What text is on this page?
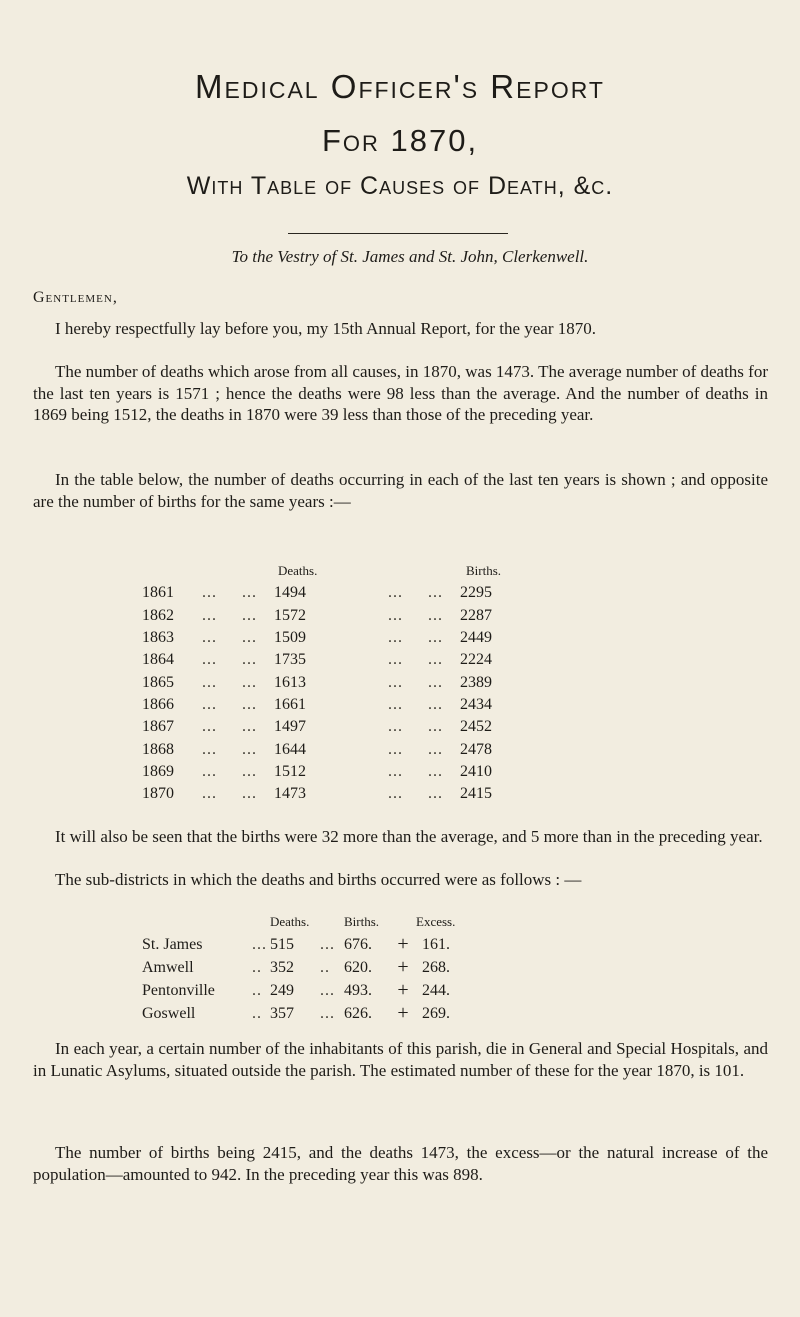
Medical Officer's Report
For 1870,
With Table of Causes of Death, &c.
To the Vestry of St. James and St. John, Clerkenwell.
Gentlemen,
I hereby respectfully lay before you, my 15th Annual Report, for the year 1870.
The number of deaths which arose from all causes, in 1870, was 1473. The average number of deaths for the last ten years is 1571 ; hence the deaths were 98 less than the average. And the number of deaths in 1869 being 1512, the deaths in 1870 were 39 less than those of the preceding year.
In the table below, the number of deaths occurring in each of the last ten years is shown ; and opposite are the number of births for the same years :—
		Deaths.		Births.
1861	...     ...	1494	...     ...	2295
1862	...     ...	1572	...     ...	2287
1863	...     ...	1509	...     ...	2449
1864	...     ...	1735	...     ...	2224
1865	...     ...	1613	...     ...	2389
1866	...     ...	1661	...     ...	2434
1867	...     ...	1497	...     ...	2452
1868	...     ...	1644	...     ...	2478
1869	...     ...	1512	...     ...	2410
1870	...     ...	1473	...     ...	2415
It will also be seen that the births were 32 more than the average, and 5 more than in the preceding year.
The sub-districts in which the deaths and births occurred were as follows : —
		Deaths.		Births.		Excess.
St. James	...	515	...	676.	+	161.
Amwell	..	352	..	620.	+	268.
Pentonville	..	249	...	493.	+	244.
Goswell	..	357	...	626.	+	269.
In each year, a certain number of the inhabitants of this parish, die in General and Special Hospitals, and in Lunatic Asylums, situated outside the parish. The estimated number of these for the year 1870, is 101.
The number of births being 2415, and the deaths 1473, the excess—or the natural increase of the population—amounted to 942. In the preceding year this was 898.
